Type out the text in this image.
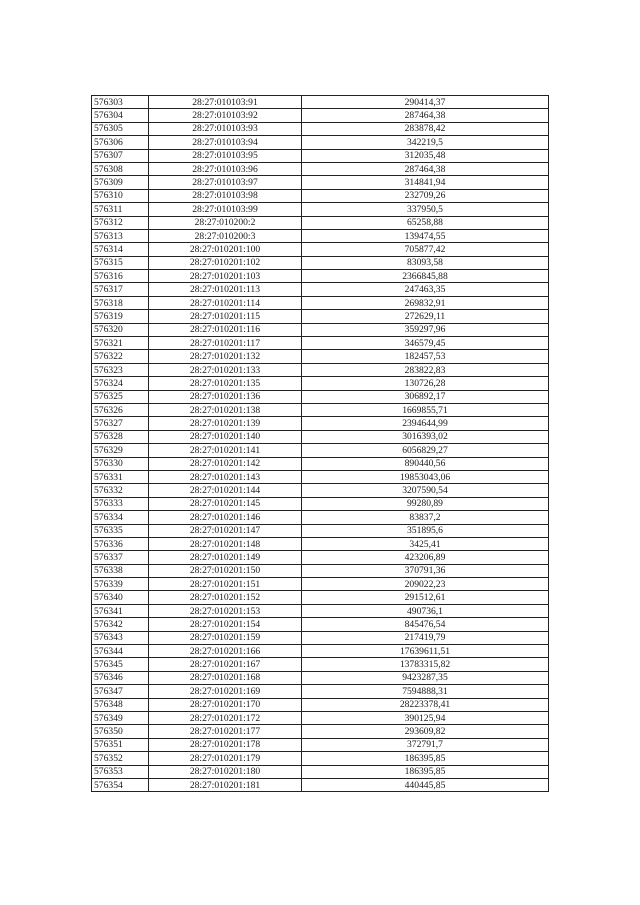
576303	28:27:010103:91	290414,37
576304	28:27:010103:92	287464,38
576305	28:27:010103:93	283878,42
576306	28:27:010103:94	342219,5
576307	28:27:010103:95	312035,48
576308	28:27:010103:96	287464,38
576309	28:27:010103:97	314841,94
576310	28:27:010103:98	232709,26
576311	28:27:010103:99	337950,5
576312	28:27:010200:2	65258,88
576313	28:27:010200:3	139474,55
576314	28:27:010201:100	705877,42
576315	28:27:010201:102	83093,58
576316	28:27:010201:103	2366845,88
576317	28:27:010201:113	247463,35
576318	28:27:010201:114	269832,91
576319	28:27:010201:115	272629,11
576320	28:27:010201:116	359297,96
576321	28:27:010201:117	346579,45
576322	28:27:010201:132	182457,53
576323	28:27:010201:133	283822,83
576324	28:27:010201:135	130726,28
576325	28:27:010201:136	306892,17
576326	28:27:010201:138	1669855,71
576327	28:27:010201:139	2394644,99
576328	28:27:010201:140	3016393,02
576329	28:27:010201:141	6056829,27
576330	28:27:010201:142	890440,56
576331	28:27:010201:143	19853043,06
576332	28:27:010201:144	3207590,54
576333	28:27:010201:145	99280,89
576334	28:27:010201:146	83837,2
576335	28:27:010201:147	351895,6
576336	28:27:010201:148	3425,41
576337	28:27:010201:149	423206,89
576338	28:27:010201:150	370791,36
576339	28:27:010201:151	209022,23
576340	28:27:010201:152	291512,61
576341	28:27:010201:153	490736,1
576342	28:27:010201:154	845476,54
576343	28:27:010201:159	217419,79
576344	28:27:010201:166	17639611,51
576345	28:27:010201:167	13783315,82
576346	28:27:010201:168	9423287,35
576347	28:27:010201:169	7594888,31
576348	28:27:010201:170	28223378,41
576349	28:27:010201:172	390125,94
576350	28:27:010201:177	293609,82
576351	28:27:010201:178	372791,7
576352	28:27:010201:179	186395,85
576353	28:27:010201:180	186395,85
576354	28:27:010201:181	440445,85
